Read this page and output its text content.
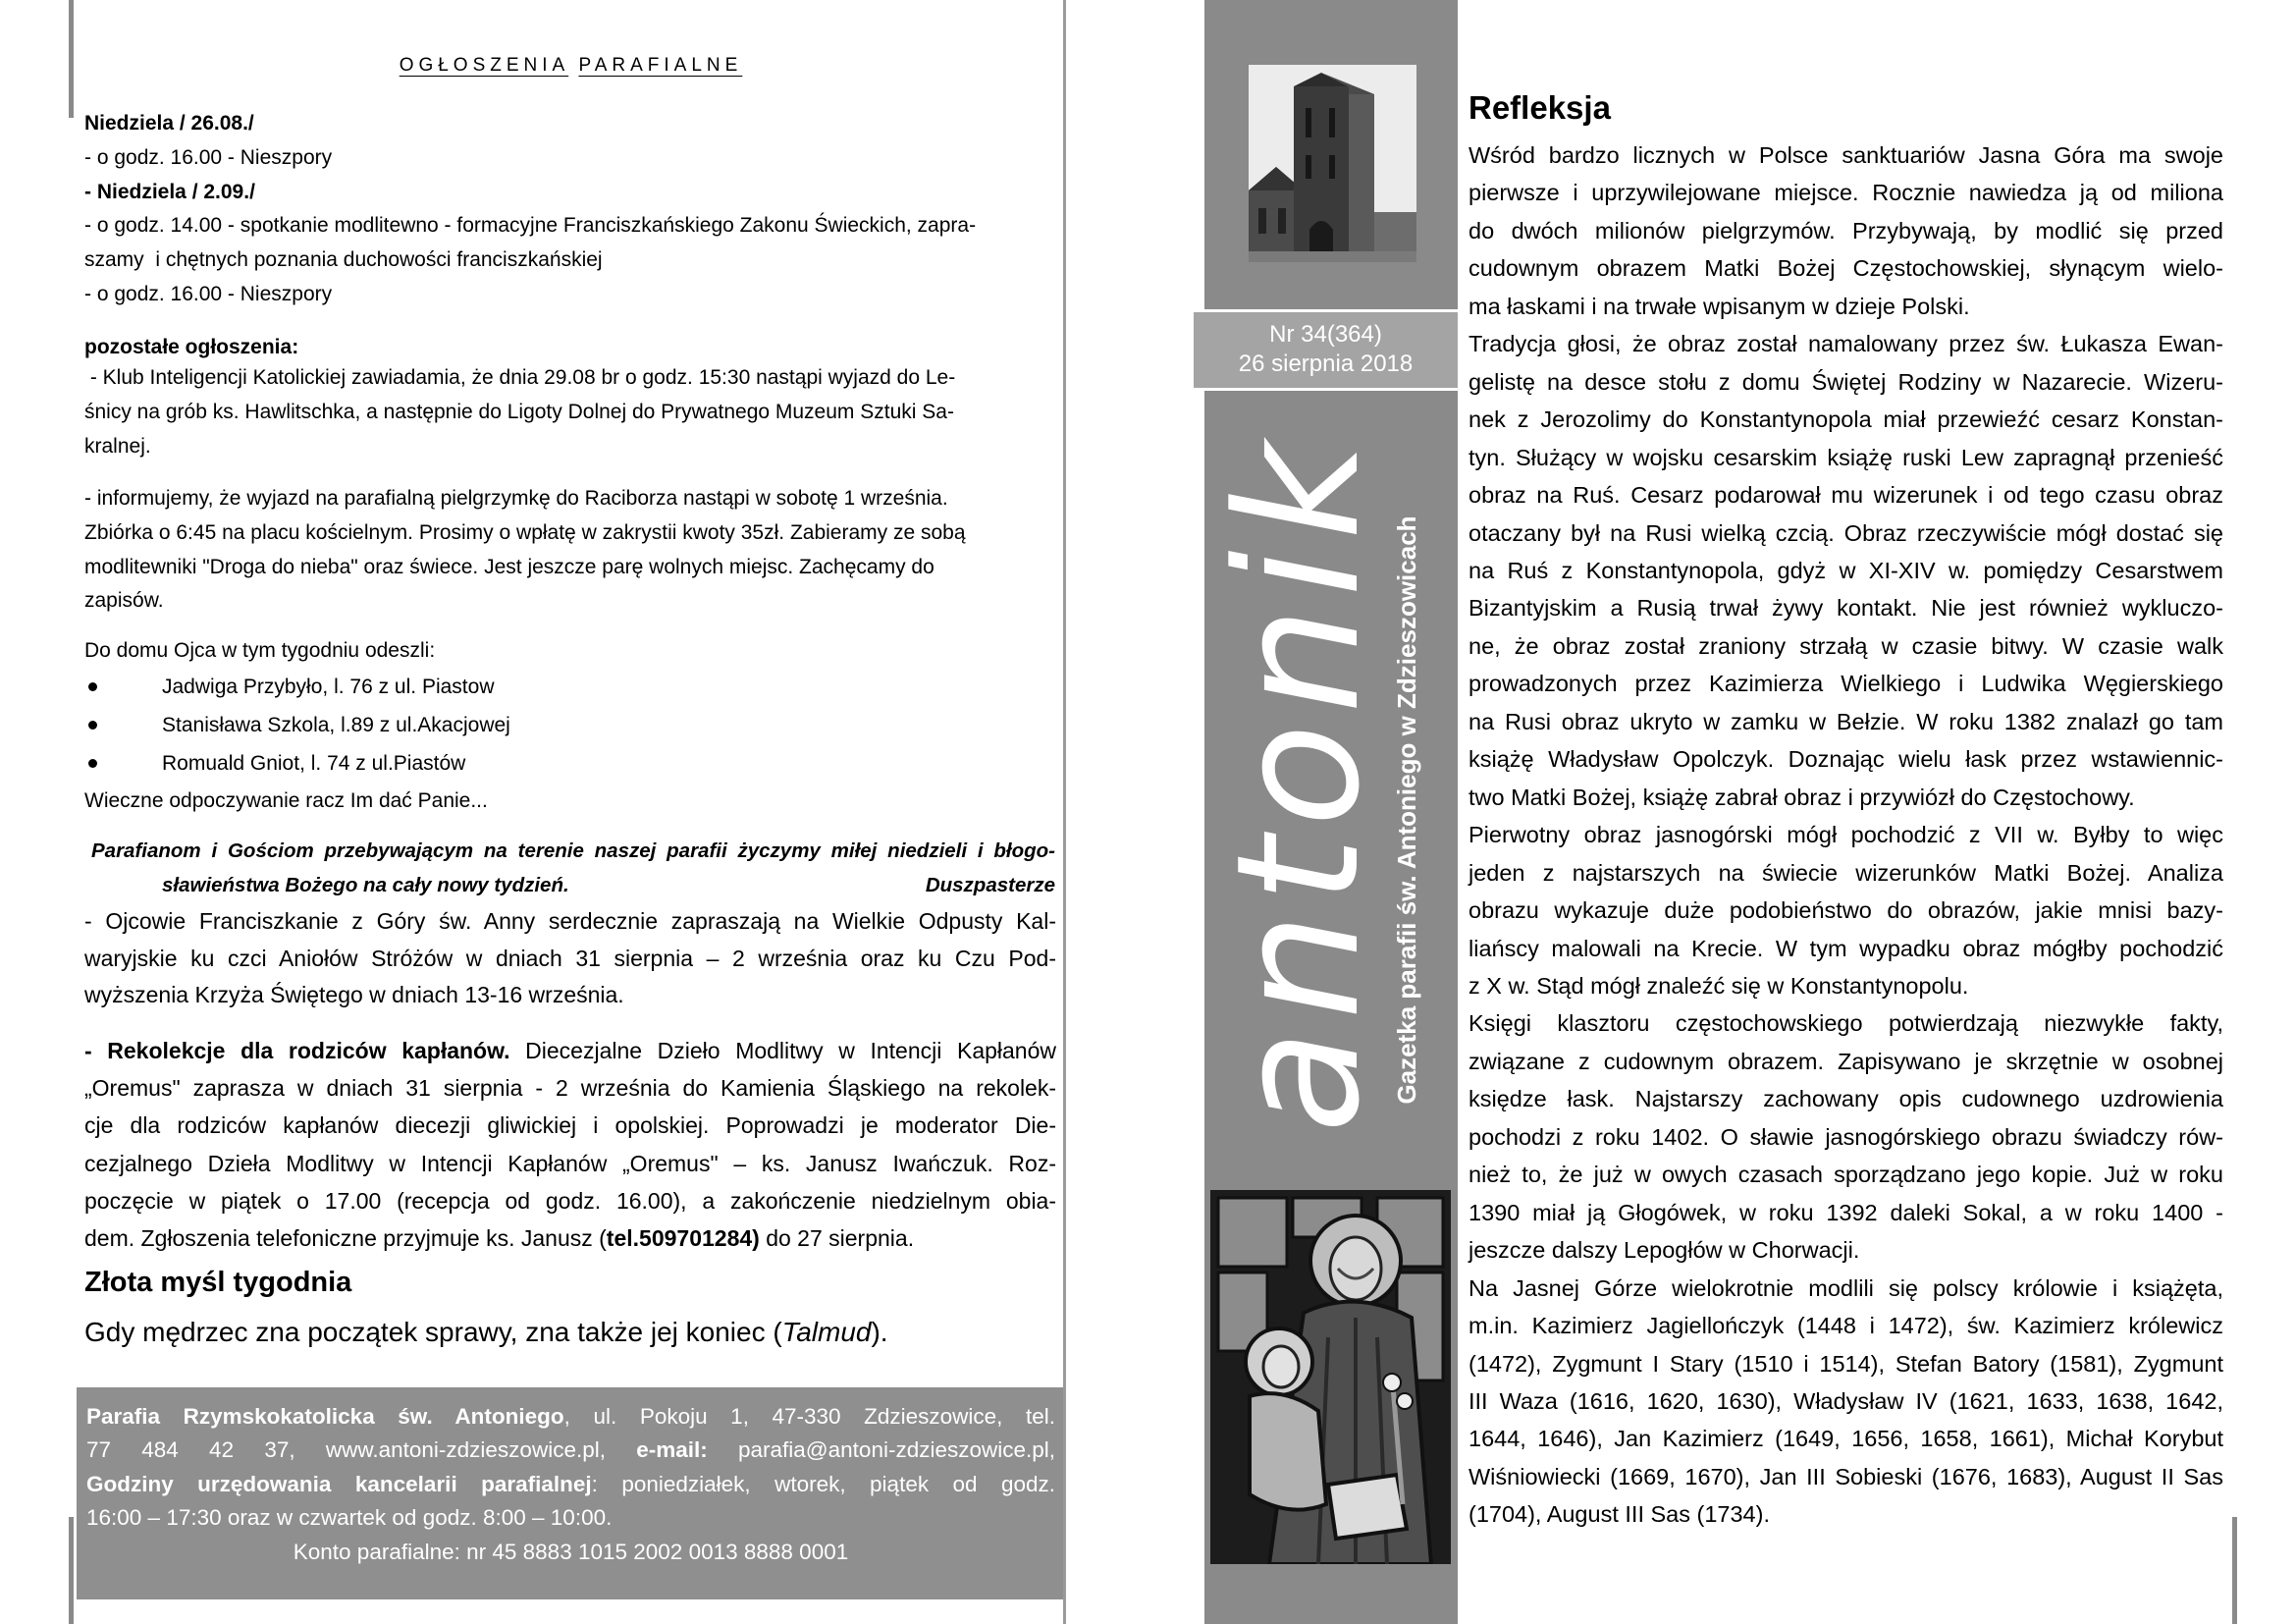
OGŁOSZENIA PARAFIALNE
Niedziela / 26.08./
- o godz. 16.00 - Nieszpory
- Niedziela / 2.09./
- o godz. 14.00 - spotkanie modlitewno - formacyjne Franciszkańskiego Zakonu Świeckich, zapra-
szamy  i chętnych poznania duchowości franciszkańskiej
- o godz. 16.00 - Nieszpory
pozostałe ogłoszenia:
- Klub Inteligencji Katolickiej zawiadamia, że dnia 29.08 br o godz. 15:30 nastąpi wyjazd do Le-
śnicy na grób ks. Hawlitschka, a następnie do Ligoty Dolnej do Prywatnego Muzeum Sztuki Sa-
kralnej.
- informujemy, że wyjazd na parafialną pielgrzymkę do Raciborza nastąpi w sobotę 1 września.
Zbiórka o 6:45 na placu kościelnym. Prosimy o wpłatę w zakrystii kwoty 35zł. Zabieramy ze sobą
modlitewniki "Droga do nieba" oraz świece. Jest jeszcze parę wolnych miejsc. Zachęcamy do
zapisów.
Do domu Ojca w tym tygodniu odeszli:
Jadwiga Przybyło, l. 76 z ul. Piastow
Stanisława Szkola, l.89 z ul.Akacjowej
Romuald Gniot, l. 74 z ul.Piastów
Wieczne odpoczywanie racz Im dać Panie...
Parafianom i Gościom przebywającym na terenie naszej parafii życzymy miłej niedzieli i błogo-
sławieństwa Bożego na cały nowy tydzień.	Duszpasterze
- Ojcowie Franciszkanie z Góry św. Anny serdecznie zapraszają na Wielkie Odpusty Kal-
waryjskie ku czci Aniołów Stróżów w dniach 31 sierpnia – 2 września oraz ku Czu Pod-
wyższenia Krzyża Świętego w dniach 13-16 września.
- Rekolekcje dla rodziców kapłanów. Diecezjalne Dzieło Modlitwy w Intencji Kapłanów
„Oremus" zaprasza w dniach 31 sierpnia - 2 września do Kamienia Śląskiego na rekolek-
cje dla rodziców kapłanów diecezji gliwickiej i opolskiej. Poprowadzi je moderator Die-
cezjalnego Dzieła Modlitwy w Intencji Kapłanów „Oremus" – ks. Janusz Iwańczuk. Roz-
poczęcie w piątek o 17.00 (recepcja od godz. 16.00), a zakończenie niedzielnym obia-
dem. Zgłoszenia telefoniczne przyjmuje ks. Janusz (tel.509701284) do 27 sierpnia.
Złota myśl tygodnia
Gdy mędrzec zna początek sprawy, zna także jej koniec (Talmud).
Parafia Rzymskokatolicka św. Antoniego, ul. Pokoju 1, 47-330 Zdzieszowice, tel.
77 484 42 37, www.antoni-zdzieszowice.pl, e-mail: parafia@antoni-zdzieszowice.pl,
Godziny urzędowania kancelarii parafialnej: poniedziałek, wtorek, piątek od godz.
16:00 – 17:30 oraz w czwartek od godz. 8:00 – 10:00.
Konto parafialne: nr 45 8883 1015 2002 0013 8888 0001
Nr 34(364)
26 sierpnia 2018
antonik
Gazetka parafii św. Antoniego w Zdzieszowicach
Refleksja
Wśród bardzo licznych w Polsce sanktuariów Jasna Góra ma swoje
pierwsze i uprzywilejowane miejsce. Rocznie nawiedza ją od miliona
do dwóch milionów pielgrzymów. Przybywają, by modlić się przed
cudownym obrazem Matki Bożej Częstochowskiej, słynącym wielo-
ma łaskami i na trwałe wpisanym w dzieje Polski.
Tradycja głosi, że obraz został namalowany przez św. Łukasza Ewan-
gelistę na desce stołu z domu Świętej Rodziny w Nazarecie. Wizeru-
nek z Jerozolimy do Konstantynopola miał przewieźć cesarz Konstan-
tyn. Służący w wojsku cesarskim książę ruski Lew zapragnął przenieść
obraz na Ruś. Cesarz podarował mu wizerunek i od tego czasu obraz
otaczany był na Rusi wielką czcią. Obraz rzeczywiście mógł dostać się
na Ruś z Konstantynopola, gdyż w XI-XIV w. pomiędzy Cesarstwem
Bizantyjskim a Rusią trwał żywy kontakt. Nie jest również wykluczo-
ne, że obraz został zraniony strzałą w czasie bitwy. W czasie walk
prowadzonych przez Kazimierza Wielkiego i Ludwika Węgierskiego
na Rusi obraz ukryto w zamku w Bełzie. W roku 1382 znalazł go tam
książę Władysław Opolczyk. Doznając wielu łask przez wstawiennic-
two Matki Bożej, książę zabrał obraz i przywiózł do Częstochowy.
Pierwotny obraz jasnogórski mógł pochodzić z VII w. Byłby to więc
jeden z najstarszych na świecie wizerunków Matki Bożej. Analiza
obrazu wykazuje duże podobieństwo do obrazów, jakie mnisi bazy-
liańscy malowali na Krecie. W tym wypadku obraz mógłby pochodzić
z X w. Stąd mógł znaleźć się w Konstantynopolu.
Księgi klasztoru częstochowskiego potwierdzają niezwykłe fakty,
związane z cudownym obrazem. Zapisywano je skrzętnie w osobnej
księdze łask. Najstarszy zachowany opis cudownego uzdrowienia
pochodzi z roku 1402. O sławie jasnogórskiego obrazu świadczy rów-
nież to, że już w owych czasach sporządzano jego kopie. Już w roku
1390 miał ją Głogówek, w roku 1392 daleki Sokal, a w roku 1400 -
jeszcze dalszy Lepogłów w Chorwacji.
Na Jasnej Górze wielokrotnie modlili się polscy królowie i książęta,
m.in. Kazimierz Jagiellończyk (1448 i 1472), św. Kazimierz królewicz
(1472), Zygmunt I Stary (1510 i 1514), Stefan Batory (1581), Zygmunt
III Waza (1616, 1620, 1630), Władysław IV (1621, 1633, 1638, 1642,
1644, 1646), Jan Kazimierz (1649, 1656, 1658, 1661), Michał Korybut
Wiśniowiecki (1669, 1670), Jan III Sobieski (1676, 1683), August II Sas
(1704), August III Sas (1734).
